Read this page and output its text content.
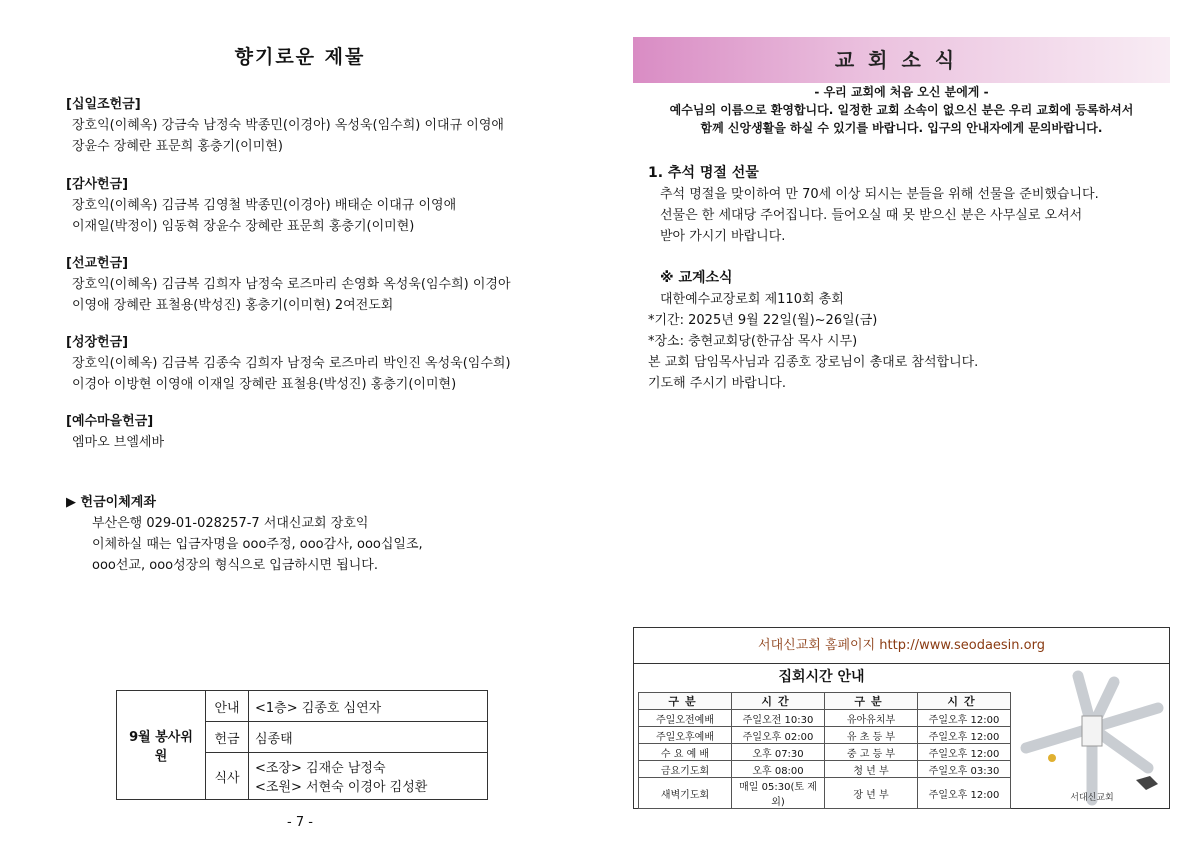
향기로운 제물
[십일조헌금]
장호익(이혜옥) 강금숙 남정숙 박종민(이경아) 옥성욱(임수희) 이대규 이영애
장윤수 장혜란 표문희 홍충기(이미현)
[감사헌금]
장호익(이혜옥) 김금복 김영철 박종민(이경아) 배태순 이대규 이영애
이재일(박정이) 임동혁 장윤수 장혜란 표문희 홍충기(이미현)
[선교헌금]
장호익(이혜옥) 김금복 김희자 남정숙 로즈마리 손영화 옥성욱(임수희) 이경아
이영애 장혜란 표철용(박성진) 홍충기(이미현) 2여전도회
[성장헌금]
장호익(이혜옥) 김금복 김종숙 김희자 남정숙 로즈마리 박인진 옥성욱(임수희)
이경아 이방현 이영애 이재일 장혜란 표철용(박성진) 홍충기(이미현)
[예수마을헌금]
엠마오 브엘세바
▶ 헌금이체계좌
부산은행 029-01-028257-7 서대신교회 장호익
이체하실 때는 입금자명을 ooo주정, ooo감사, ooo십일조,
ooo선교, ooo성장의 형식으로 입금하시면 됩니다.
9월 봉사위원	안내	<1층> 김종호 심연자
	헌금	심종태
	식사	<조장> 김재순 남정숙
<조원> 서현숙 이경아 김성환
- 7 -
교회소식
- 우리 교회에 처음 오신 분에게 -
예수님의 이름으로 환영합니다. 일정한 교회 소속이 없으신 분은 우리 교회에 등록하셔서
함께 신앙생활을 하실 수 있기를 바랍니다. 입구의 안내자에게 문의바랍니다.
1. 추석 명절 선물
추석 명절을 맞이하여 만 70세 이상 되시는 분들을 위해 선물을 준비했습니다.
선물은 한 세대당 주어집니다. 들어오실 때 못 받으신 분은 사무실로 오셔서
받아 가시기 바랍니다.
※ 교계소식
대한예수교장로회 제110회 총회
*기간: 2025년 9월 22일(월)~26일(금)
*장소: 충현교회당(한규삼 목사 시무)
본 교회 담임목사님과 김종호 장로님이 총대로 참석합니다.
기도해 주시기 바랍니다.
서대신교회 홈페이지 http://www.seodaesin.org
집회시간 안내
구분	시간	구분	시간
주일오전예배	주일오전 10:30	유아유치부	주일오후 12:00
주일오후예배	주일오후 02:00	유 초 등 부	주일오후 12:00
수 요 예 배	오후 07:30	중 고 등 부	주일오후 12:00
금요기도회	오후 08:00	청 년 부	주일오후 03:30
새벽기도회	매일 05:30(토 제외)	장 년 부	주일오후 12:00	서대신교회
